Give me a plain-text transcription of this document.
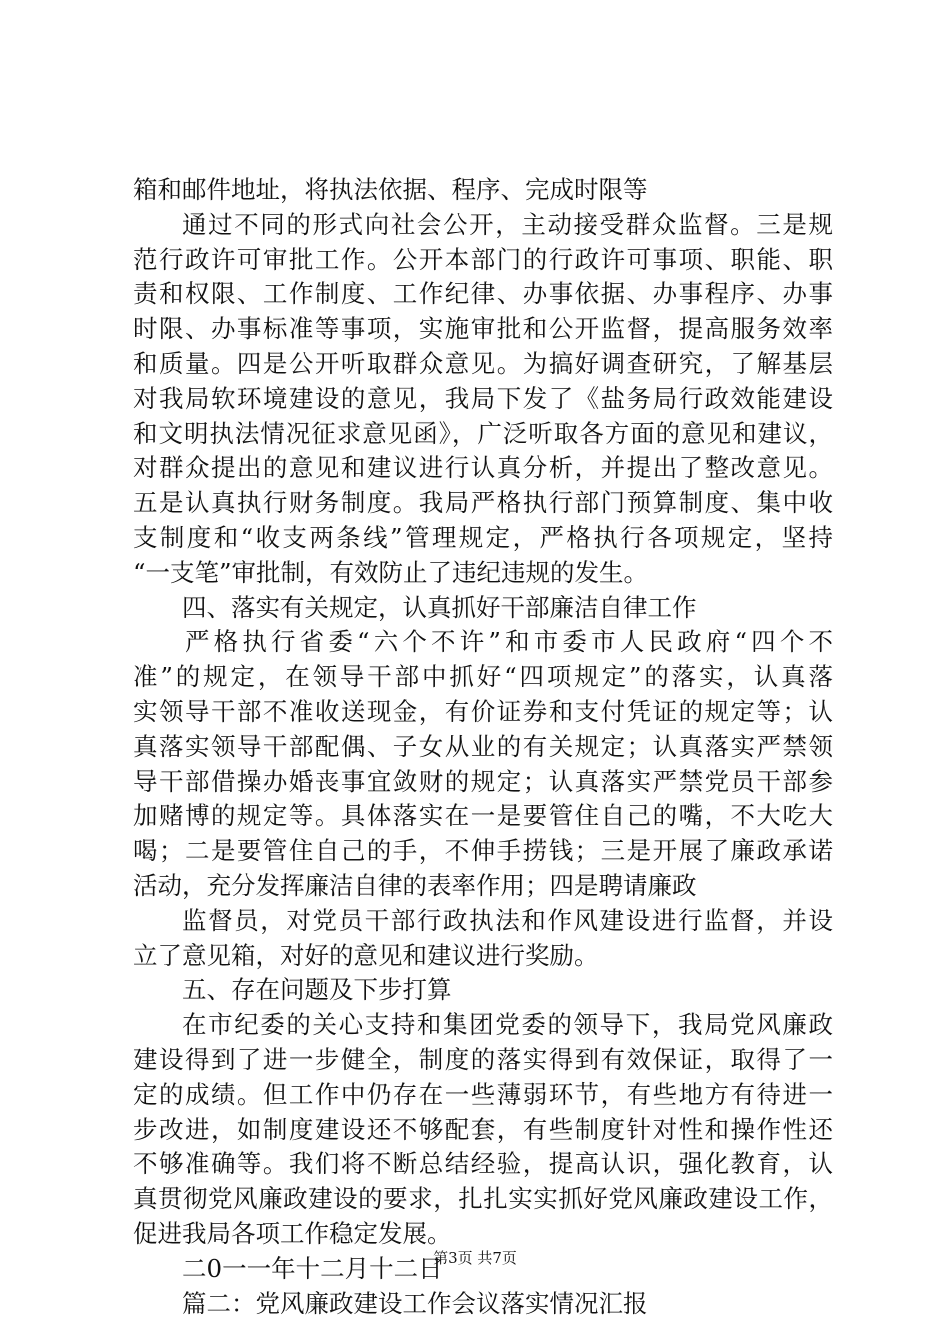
箱和邮件地址，将执法依据、程序、完成时限等
通过不同的形式向社会公开，主动接受群众监督。三是规
范行政许可审批工作。公开本部门的行政许可事项、职能、职
责和权限、工作制度、工作纪律、办事依据、办事程序、办事
时限、办事标准等事项，实施审批和公开监督，提高服务效率
和质量。四是公开听取群众意见。为搞好调查研究，了解基层
对我局软环境建设的意见，我局下发了《盐务局行政效能建设
和文明执法情况征求意见函》，广泛听取各方面的意见和建议，
对群众提出的意见和建议进行认真分析，并提出了整改意见。
五是认真执行财务制度。我局严格执行部门预算制度、集中收
支制度和“收支两条线”管理规定，严格执行各项规定，坚持
“一支笔”审批制，有效防止了违纪违规的发生。
四、落实有关规定，认真抓好干部廉洁自律工作
严格执行省委“六个不许”和市委市人民政府“四个不
准”的规定，在领导干部中抓好“四项规定”的落实，认真落
实领导干部不准收送现金，有价证券和支付凭证的规定等；认
真落实领导干部配偶、子女从业的有关规定；认真落实严禁领
导干部借操办婚丧事宜敛财的规定；认真落实严禁党员干部参
加赌博的规定等。具体落实在一是要管住自己的嘴，不大吃大
喝；二是要管住自己的手，不伸手捞钱；三是开展了廉政承诺
活动，充分发挥廉洁自律的表率作用；四是聘请廉政
监督员，对党员干部行政执法和作风建设进行监督，并设
立了意见箱，对好的意见和建议进行奖励。
五、存在问题及下步打算
在市纪委的关心支持和集团党委的领导下，我局党风廉政
建设得到了进一步健全，制度的落实得到有效保证，取得了一
定的成绩。但工作中仍存在一些薄弱环节，有些地方有待进一
步改进，如制度建设还不够配套，有些制度针对性和操作性还
不够准确等。我们将不断总结经验，提高认识，强化教育，认
真贯彻党风廉政建设的要求，扎扎实实抓好党风廉政建设工作，
促进我局各项工作稳定发展。
二0一一年十二月十二日
篇二：党风廉政建设工作会议落实情况汇报
第3页 共7页
